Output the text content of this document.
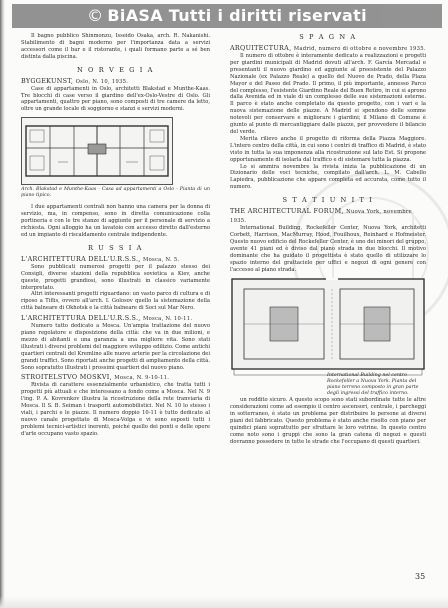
© BiASA Tutti i diritti riservati

Il bagno pubblico Shinmonzu, Isseido Osaka, arch. R. Nakanishi. Stabilimento di bagni moderno per l'importanza data a servizi accessori come il bar e il ristorante, i quali formano parte a sé ben distinta dalla piscina.

N O R V E G I A
BYGGEKUNST, Oslo, N. 10, 1935.

Case di appartamenti in Oslo, architetti Blakstad e Munthe-Kaas. Tre blocchi di case verso il giardino dell'ex-Oslo-Vestre di Oslo. Gli appartamenti, quattro per piano, sono composti di tre camere da letto, oltre un grande locale di soggiorno e stanzi e servizi moderni.

Arch. Blakstad e Munthe-Kaas - Casa ad appartamenti a Oslo - Pianta di un piano tipico.

I due appartamenti centrali non hanno una camera per la donna di servizio, ma, in compenso, sono in diretta comunicazione colla portineria e con le tre stanze di aggiunte per il personale di servizio a richiesta. Ogni alloggio ha un lavatoio con accesso diretto dall'esterno ed un impianto di riscaldamento centrale indipendente.

R U S S I A
L'ARCHITETTURA DELL'U.R.S.S., Mosca, N. 5.

Sono pubblicati numerosi progetti per il palazzo stesso dei Consigli, diverse stazioni della repubblica sovietica a Kiev, anche queste, progetti grandiosi, sono illustrati in classico variamente interpretato.

Altri interessanti progetti riguardano: un vasto parco di cultura e di riposo a Tiflis, ovvero all'arch. I. Golosov quello la sistemazione della città balneare di Okhotsk e la città balneare di Soci sul Mar Nero.

L'ARCHITETTURA DELL'U.R.S.S., Mosca, N. 10-11.

Numero tutto dedicato a Mosca. Un'ampia trattazione del nuovo piano regolatore e disposizione della città: che va in due milioni, e mezzo di abitanti e una garanzia a una migliore vita. Sono stati illustrati i diversi problemi del maggiore sviluppo edilizio. Come antichi quartieri centrali del Kremlino alle nuove arterie per la circolazione dei grandi traffici. Sono riportati anche progetti di ampliamento della città. Sono sopratutto illustrati i prossimi quartieri del nuovo piano.

STROITELSTVO MOSKVI, Mosca, N. 9-10-11.

Rivista di carattere essenzialmente urbanistico, che tratta tutti i progetti più attuali e che interessano a fondo come a Mosca. Nel N. 9 l'ing. P. A. Kovrenkov illustra la ricostruzione della rete tranviaria di Mosca. Il S. B. Seiman i trasporti automobilistici. Nel N. 10 lo stesso i viali, i parchi e le piazze. Il numero doppio 10-11 è tutto dedicato al nuovo canale progettato di Mosca-Volga e vi sono esposti tutti i problemi tecnici-artistici inerenti, poiché quello dei ponti e delle opere d'arte occupano vasto spazio.

S P A G N A
ARQUITECTURA, Madrid, numero di ottobre e novembre 1935.

Il numero di ottobre è interamente dedicato a realizzazioni e progetti per giardini municipali di Madrid dovuti all'arch. F. García Mercadal e presentanti il nuovo giardino ed aggiunte al preesistente del Palazzo Nazionale (ex Palazzo Reale) a quello del Nuovo de Prado, della Plaza Mayor e del Paseo del Prado. Il primo, il più importante, annesso Parco del complesso, l'esistente Giardino Reale del Buen Retiro, in cui si aprono dalla Avenida ed in viale di un complesso delle sue sistemazioni esterne. Il parco è stato anche completato da questo progetto, con i vari e la nuova sistemazione delle piazze. A Madrid si spendono delle somme notevoli per conservare e migliorare i giardini; il Milano di Comune è giunto al punto di mercantiggiare dalle piazze, per provvedere il bilancio del verde.

Merita rilievo anche il progetto di riforma della Piazza Maggiore. L'intero centro della città, in cui sono i centri di traffico di Madrid, è stato visto in tutta la sua imponenza alla ricostruzione sul lato Est. Si propone opportunamente di isolarla dal traffico e di sistemare tutta la piazza.

Lo si ammira novembre la rivista inizia la pubblicazione di un Dizionario delle voci tecniche, compilato dall'arch. L. M. Cabello Lapiedra, pubblicazione che appare completa ed accurata, come tutto il numero.

S T A T I U N I T I
THE ARCHITECTURAL FORUM, Nuova York, novembre 1935.

International Building, Rockefeller Center, Nuova York, architetti Corbett, Harrison, MacMurray, Hood, Fouilhoux, Reinhard e Hofmeister. Questo nuovo edificio del Rockefeller Center, è uno dei minori del gruppo, avente 41 piani ed è diviso dal piano strada in due blocchi. Il motivo dominante che ha guidato il progettista è stato quello di utilizzare lo spazio interno del grattacielo per uffici e negozi di ogni genere con l'accesso al piano strada.

International Building nel centro Rockefeller a Nuova York. Pianta del piano terreno composto in gran parte degli ingressi del traffico interno.

un reddito sicuro. A questo scopo sono stati subordinate tutte le altre considerazioni come ad esempio il centro ascensori, centrale, i parcheggi in sotterraneo, è stato un problema per distribuire le persone ai diversi piani del fabbricato. Questo problema è stato anche risolto con piano per quindici piani soprattutto per sfruttare le loro vetrine. In questo centro come noto sono i gruppi che sono la gran catena di negozi e questi dovranno possedere in tutte le strade che l'occupano di questi quartieri.

35
